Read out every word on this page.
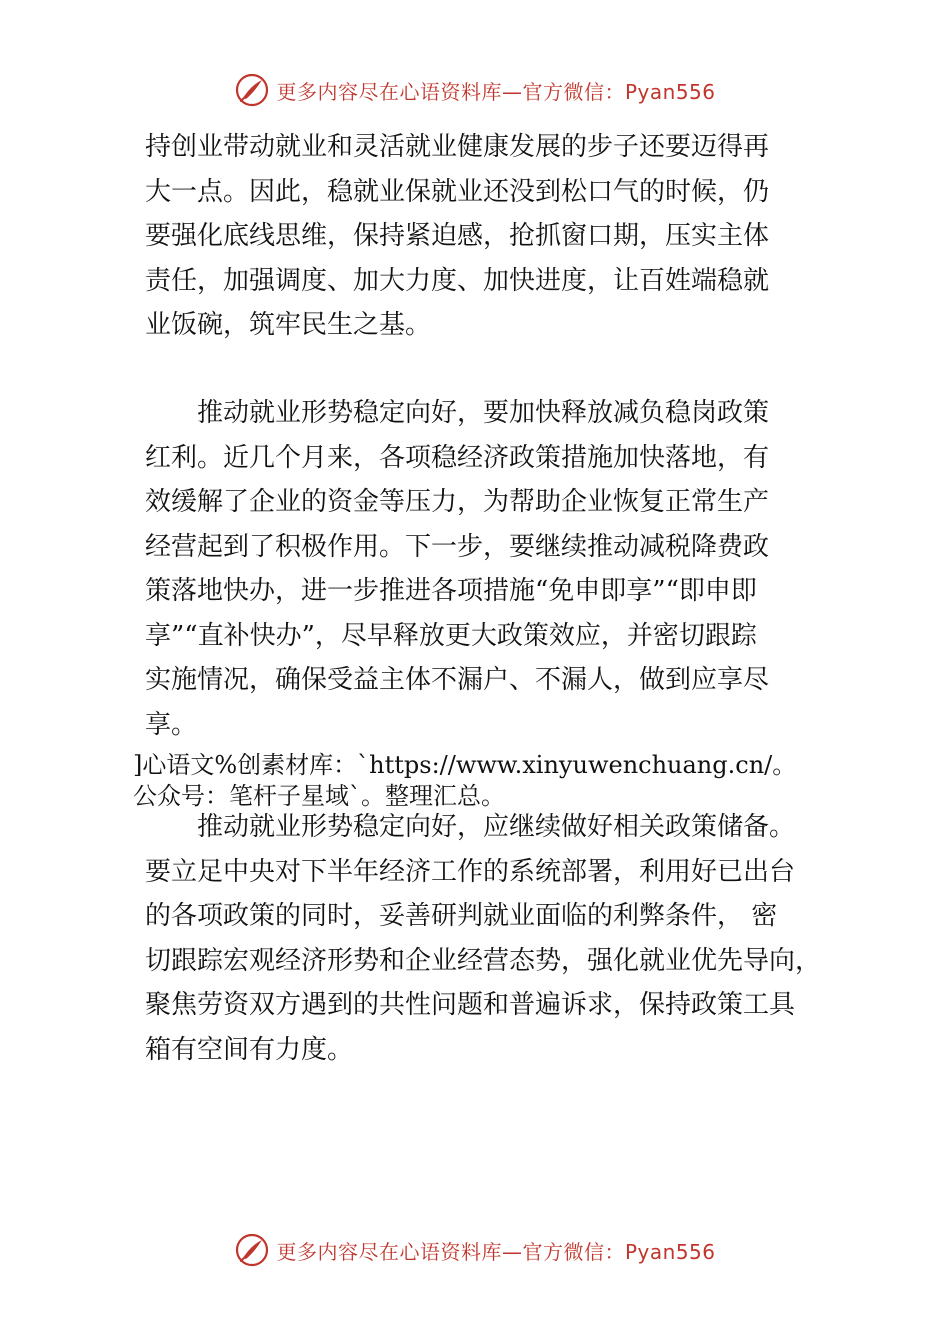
更多内容尽在心语资料库—官方微信：Pyan556
持创业带动就业和灵活就业健康发展的步子还要迈得再
大一点。因此，稳就业保就业还没到松口气的时候，仍
要强化底线思维，保持紧迫感，抢抓窗口期，压实主体
责任，加强调度、加大力度、加快进度，让百姓端稳就
业饭碗，筑牢民生之基。
　　推动就业形势稳定向好，要加快释放减负稳岗政策
红利。近几个月来，各项稳经济政策措施加快落地，有
效缓解了企业的资金等压力，为帮助企业恢复正常生产
经营起到了积极作用。下一步，要继续推动减税降费政
策落地快办，进一步推进各项措施“免申即享”“即申即
享”“直补快办”，尽早释放更大政策效应，并密切跟踪
实施情况，确保受益主体不漏户、不漏人，做到应享尽
享。
]心语文%创素材库：`https://www.xinyuwenchuang.cn/。
公众号：笔杆子星域`。整理汇总。
　　推动就业形势稳定向好，应继续做好相关政策储备。
要立足中央对下半年经济工作的系统部署，利用好已出台
的各项政策的同时，妥善研判就业面临的利弊条件， 密
切跟踪宏观经济形势和企业经营态势，强化就业优先导向，
聚焦劳资双方遇到的共性问题和普遍诉求，保持政策工具
箱有空间有力度。
更多内容尽在心语资料库—官方微信：Pyan556
